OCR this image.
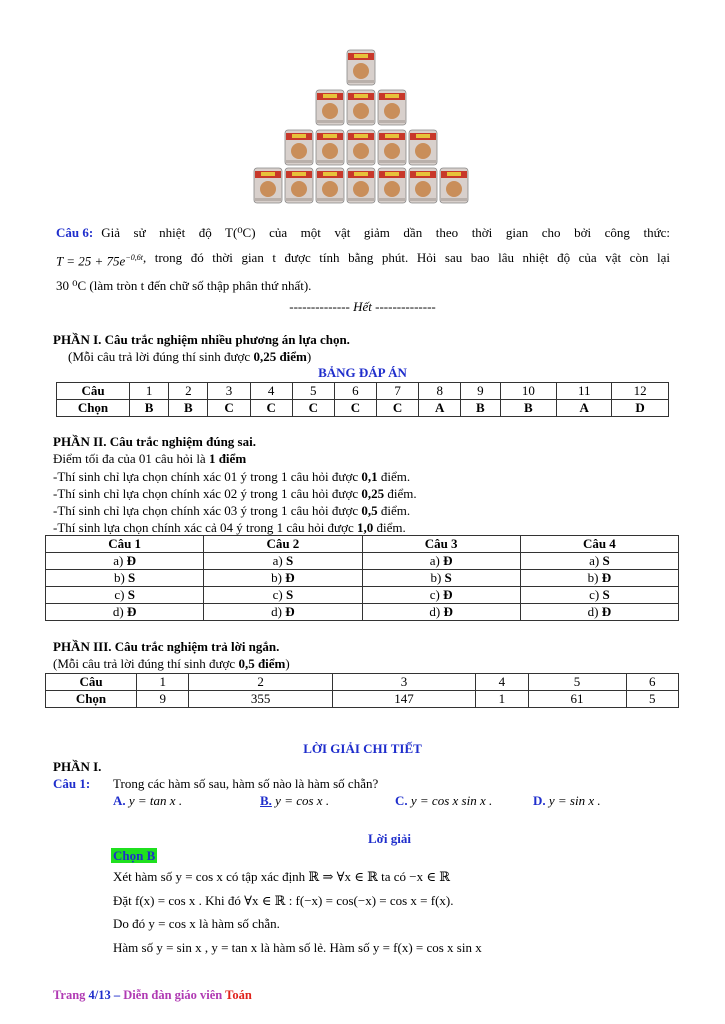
Câu 6: Giả sử nhiệt độ T(⁰C) của một vật giảm dần theo thời gian cho bởi công thức:
$T = 25 + 75e^{-0,6t}$ , trong đó thời gian t được tính bằng phút. Hỏi sau bao lâu nhiệt độ của vật còn lại
30 ⁰C (làm tròn t đến chữ số thập phân thứ nhất).
-------------- Hết --------------
PHẦN I. Câu trắc nghiệm nhiều phương án lựa chọn.
(Mỗi câu trả lời đúng thí sinh được 0,25 điểm)
BẢNG ĐÁP ÁN
Câu	1	2	3	4	5	6	7	8	9	10	11	12
Chọn	B	B	C	C	C	C	C	A	B	B	A	D
PHẦN II. Câu trắc nghiệm đúng sai.
Điểm tối đa của 01 câu hỏi là 1 điểm
-Thí sinh chỉ lựa chọn chính xác 01 ý trong 1 câu hỏi được 0,1 điểm.
-Thí sinh chỉ lựa chọn chính xác 02 ý trong 1 câu hỏi được 0,25 điểm.
-Thí sinh chỉ lựa chọn chính xác 03 ý trong 1 câu hỏi được 0,5 điểm.
-Thí sinh lựa chọn chính xác cả 04 ý trong 1 câu hỏi được 1,0 điểm.
Câu 1	Câu 2	Câu 3	Câu 4
a) Đ	a) S	a) Đ	a) S
b) S	b) Đ	b) S	b) Đ
c) S	c) S	c) Đ	c) S
d) Đ	d) Đ	d) Đ	d) Đ
PHẦN III. Câu trắc nghiệm trả lời ngắn.
(Mỗi câu trả lời đúng thí sinh được 0,5 điểm)
Câu	1	2	3	4	5	6
Chọn	9	355	147	1	61	5
LỜI GIẢI CHI TIẾT
PHẦN I.
Câu 1: Trong các hàm số sau, hàm số nào là hàm số chẵn?
A. y = tan x .	B. y = cos x .	C. y = cos x sin x .	D. y = sin x .
Lời giải
Chọn B
Xét hàm số y = cos x có tập xác định ℝ ⇒ ∀x ∈ ℝ ta có −x ∈ ℝ
Đặt f(x) = cos x . Khi đó ∀x ∈ ℝ : f(−x) = cos(−x) = cos x = f(x).
Do đó y = cos x là hàm số chẵn.
Hàm số y = sin x , y = tan x là hàm số lẻ. Hàm số y = f(x) = cos x sin x
Trang 4/13 – Diễn đàn giáo viên Toán
